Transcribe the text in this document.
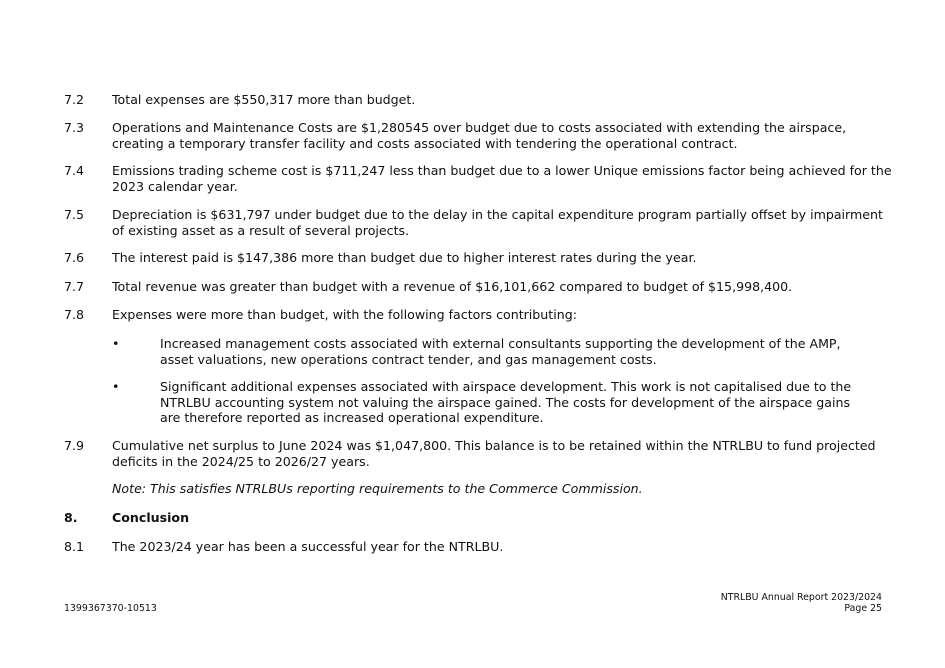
7.2	Total expenses are $550,317 more than budget.
7.3	Operations and Maintenance Costs are $1,280545 over budget due to costs associated with extending the airspace, creating a temporary transfer facility and costs associated with tendering the operational contract.
7.4	Emissions trading scheme cost is $711,247 less than budget due to a lower Unique emissions factor being achieved for the 2023 calendar year.
7.5	Depreciation is $631,797 under budget due to the delay in the capital expenditure program partially offset by impairment of existing asset as a result of several projects.
7.6	The interest paid is $147,386 more than budget due to higher interest rates during the year.
7.7	Total revenue was greater than budget with a revenue of $16,101,662 compared to budget of $15,998,400.
7.8	Expenses were more than budget, with the following factors contributing:
•	Increased management costs associated with external consultants supporting the development of the AMP, asset valuations, new operations contract tender, and gas management costs.
•	Significant additional expenses associated with airspace development. This work is not capitalised due to the NTRLBU accounting system not valuing the airspace gained. The costs for development of the airspace gains are therefore reported as increased operational expenditure.
7.9	Cumulative net surplus to June 2024 was $1,047,800. This balance is to be retained within the NTRLBU to fund projected deficits in the 2024/25 to 2026/27 years.
Note: This satisfies NTRLBUs reporting requirements to the Commerce Commission.
8.	Conclusion
8.1	The 2023/24 year has been a successful year for the NTRLBU.
1399367370-10513
NTRLBU Annual Report 2023/2024
Page 25
